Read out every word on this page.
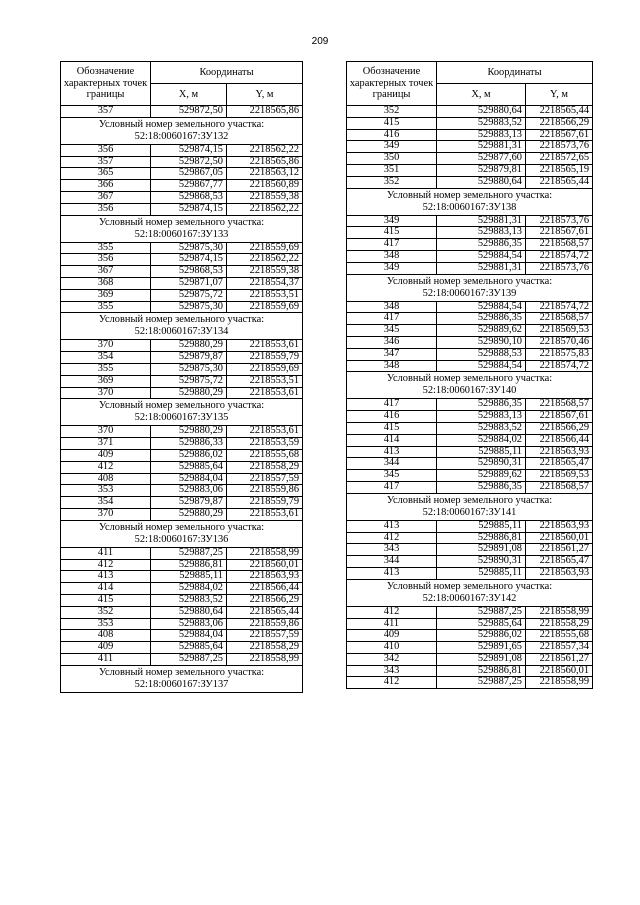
209
Обозначение характерных точек границы	Координаты	
	X, м	Y, м
357	529872,50	2218565,86
Условный номер земельного участка:
52:18:0060167:ЗУ132		
356	529874,15	2218562,22
357	529872,50	2218565,86
365	529867,05	2218563,12
366	529867,77	2218560,89
367	529868,53	2218559,38
356	529874,15	2218562,22
Условный номер земельного участка:
52:18:0060167:ЗУ133		
355	529875,30	2218559,69
356	529874,15	2218562,22
367	529868,53	2218559,38
368	529871,07	2218554,37
369	529875,72	2218553,51
355	529875,30	2218559,69
Условный номер земельного участка:
52:18:0060167:ЗУ134		
370	529880,29	2218553,61
354	529879,87	2218559,79
355	529875,30	2218559,69
369	529875,72	2218553,51
370	529880,29	2218553,61
Условный номер земельного участка:
52:18:0060167:ЗУ135		
370	529880,29	2218553,61
371	529886,33	2218553,59
409	529886,02	2218555,68
412	529885,64	2218558,29
408	529884,04	2218557,59
353	529883,06	2218559,86
354	529879,87	2218559,79
370	529880,29	2218553,61
Условный номер земельного участка:
52:18:0060167:ЗУ136		
411	529887,25	2218558,99
412	529886,81	2218560,01
413	529885,11	2218563,93
414	529884,02	2218566,44
415	529883,52	2218566,29
352	529880,64	2218565,44
353	529883,06	2218559,86
408	529884,04	2218557,59
409	529885,64	2218558,29
411	529887,25	2218558,99
Условный номер земельного участка:
52:18:0060167:ЗУ137		
Обозначение характерных точек границы	Координаты	
	X, м	Y, м
352	529880,64	2218565,44
415	529883,52	2218566,29
416	529883,13	2218567,61
349	529881,31	2218573,76
350	529877,60	2218572,65
351	529879,81	2218565,19
352	529880,64	2218565,44
Условный номер земельного участка:
52:18:0060167:ЗУ138		
349	529881,31	2218573,76
415	529883,13	2218567,61
417	529886,35	2218568,57
348	529884,54	2218574,72
349	529881,31	2218573,76
Условный номер земельного участка:
52:18:0060167:ЗУ139		
348	529884,54	2218574,72
417	529886,35	2218568,57
345	529889,62	2218569,53
346	529890,10	2218570,46
347	529888,53	2218575,83
348	529884,54	2218574,72
Условный номер земельного участка:
52:18:0060167:ЗУ140		
417	529886,35	2218568,57
416	529883,13	2218567,61
415	529883,52	2218566,29
414	529884,02	2218566,44
413	529885,11	2218563,93
344	529890,31	2218565,47
345	529889,62	2218569,53
417	529886,35	2218568,57
Условный номер земельного участка:
52:18:0060167:ЗУ141		
413	529885,11	2218563,93
412	529886,81	2218560,01
343	529891,08	2218561,27
344	529890,31	2218565,47
413	529885,11	2218563,93
Условный номер земельного участка:
52:18:0060167:ЗУ142		
412	529887,25	2218558,99
411	529885,64	2218558,29
409	529886,02	2218555,68
410	529891,65	2218557,34
342	529891,08	2218561,27
343	529886,81	2218560,01
412	529887,25	2218558,99
